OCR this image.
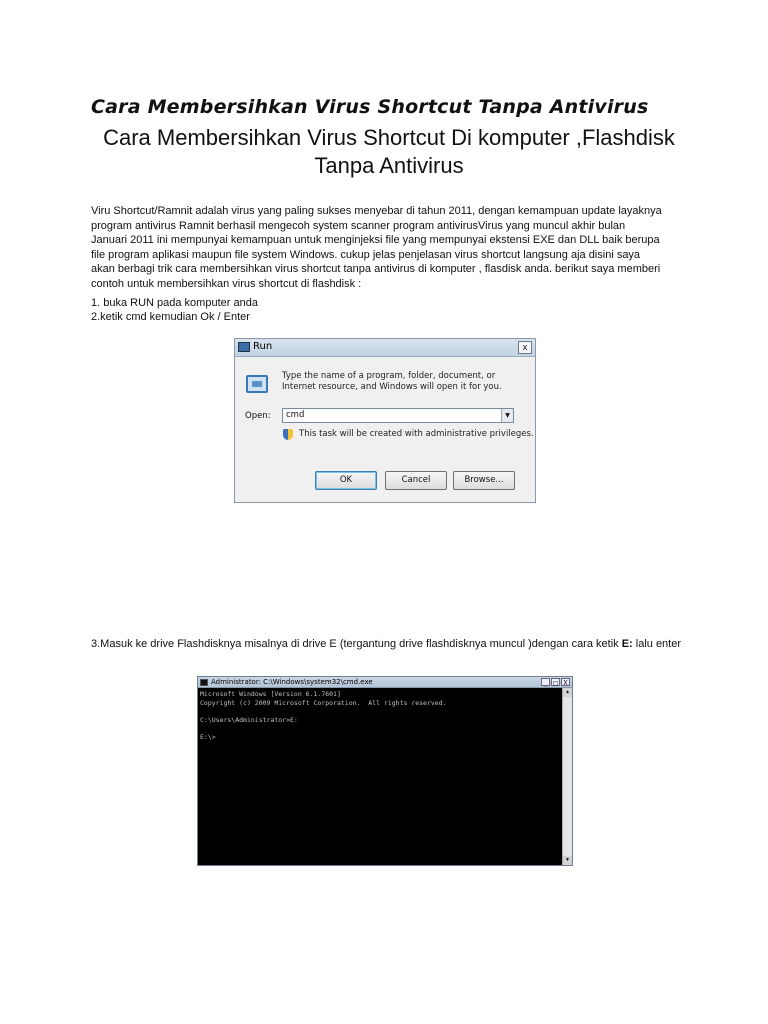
Cara Membersihkan Virus Shortcut Tanpa Antivirus
Cara Membersihkan Virus Shortcut Di komputer ,Flashdisk Tanpa Antivirus
Viru Shortcut/Ramnit adalah virus yang paling sukses menyebar di tahun 2011, dengan kemampuan update layaknya
program antivirus Ramnit berhasil mengecoh system scanner program antivirusVirus yang muncul akhir bulan
Januari 2011 ini mempunyai kemampuan untuk menginjeksi file yang mempunyai ekstensi EXE dan DLL baik berupa
file program aplikasi maupun file system Windows. cukup jelas penjelasan virus shortcut langsung aja disini saya
akan berbagi trik cara membersihkan virus shortcut tanpa antivirus di komputer , flasdisk anda. berikut saya memberi
contoh untuk membersihkan virus shortcut di flashdisk :
1. buka RUN pada komputer anda
2.ketik cmd kemudian Ok / Enter
Run	x
Type the name of a program, folder, document, or Internet resource, and Windows will open it for you.
Open:	cmd	▼
This task will be created with administrative privileges.
OK	Cancel	Browse...
3.Masuk ke drive Flashdisknya misalnya di drive E (tergantung drive flashdisknya muncul )dengan cara ketik E: lalu enter
Administrator: C:\Windows\system32\cmd.exe	_ □ X
Microsoft Windows [Version 6.1.7601]
Copyright (c) 2009 Microsoft Corporation.  All rights reserved.

C:\Users\Administrator>E:

E:\>
▲
▼
